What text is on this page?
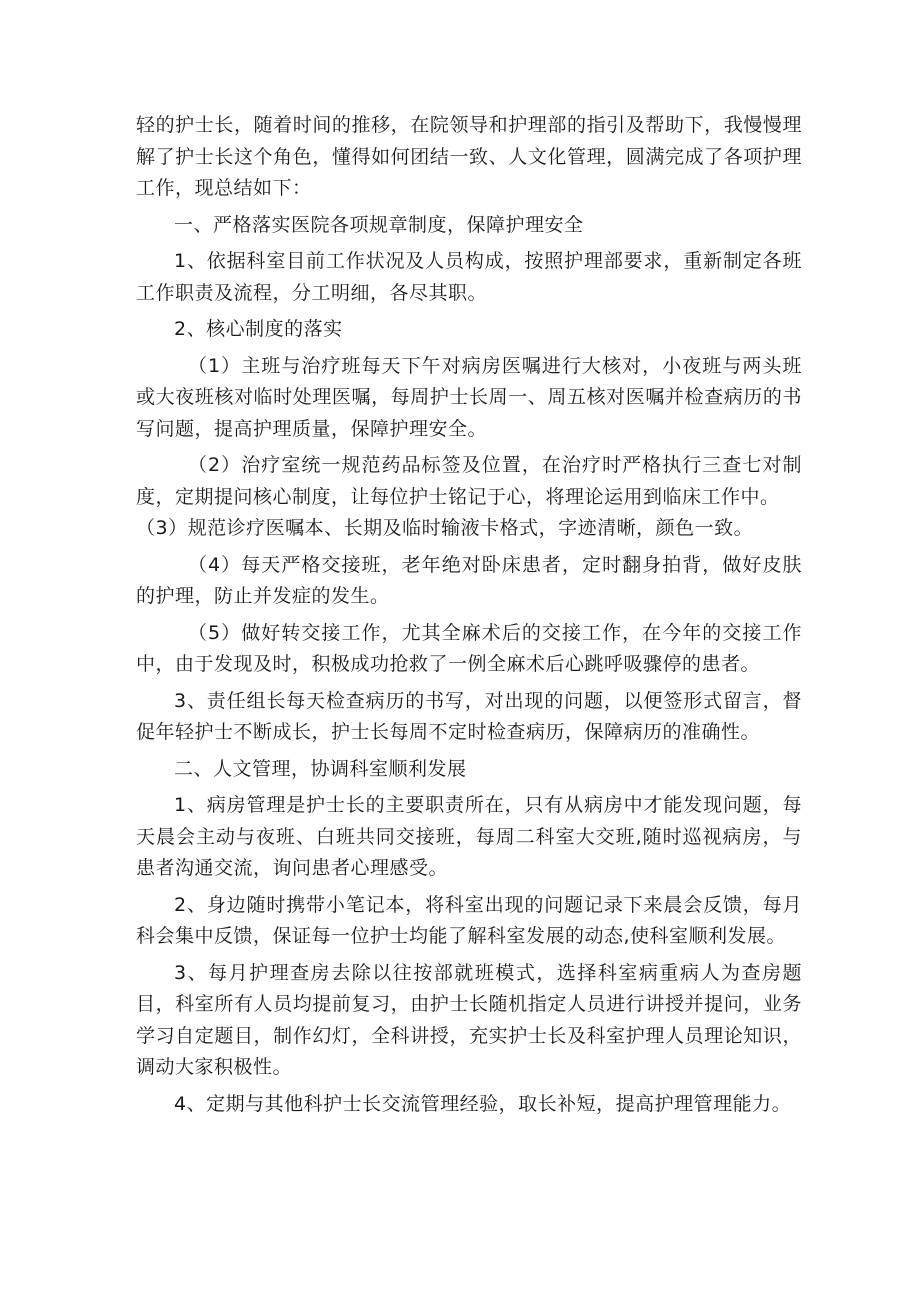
轻的护士长，随着时间的推移，在院领导和护理部的指引及帮助下，我慢慢理解了护士长这个角色，懂得如何团结一致、人文化管理，圆满完成了各项护理工作，现总结如下：

一、严格落实医院各项规章制度，保障护理安全

1、依据科室目前工作状况及人员构成，按照护理部要求，重新制定各班工作职责及流程，分工明细，各尽其职。

2、核心制度的落实

（1）主班与治疗班每天下午对病房医嘱进行大核对，小夜班与两头班或大夜班核对临时处理医嘱，每周护士长周一、周五核对医嘱并检查病历的书写问题，提高护理质量，保障护理安全。

（2）治疗室统一规范药品标签及位置，在治疗时严格执行三查七对制度，定期提问核心制度，让每位护士铭记于心，将理论运用到临床工作中。

（3）规范诊疗医嘱本、长期及临时输液卡格式，字迹清晰，颜色一致。

（4）每天严格交接班，老年绝对卧床患者，定时翻身拍背，做好皮肤的护理，防止并发症的发生。

（5）做好转交接工作，尤其全麻术后的交接工作，在今年的交接工作中，由于发现及时，积极成功抢救了一例全麻术后心跳呼吸骤停的患者。

3、责任组长每天检查病历的书写，对出现的问题，以便签形式留言，督促年轻护士不断成长，护士长每周不定时检查病历，保障病历的准确性。

二、人文管理，协调科室顺利发展

1、病房管理是护士长的主要职责所在，只有从病房中才能发现问题，每天晨会主动与夜班、白班共同交接班，每周二科室大交班,随时巡视病房，与患者沟通交流，询问患者心理感受。

2、身边随时携带小笔记本，将科室出现的问题记录下来晨会反馈，每月科会集中反馈，保证每一位护士均能了解科室发展的动态,使科室顺利发展。

3、每月护理查房去除以往按部就班模式，选择科室病重病人为查房题目，科室所有人员均提前复习，由护士长随机指定人员进行讲授并提问，业务学习自定题目，制作幻灯，全科讲授，充实护士长及科室护理人员理论知识，调动大家积极性。

4、定期与其他科护士长交流管理经验，取长补短，提高护理管理能力。
